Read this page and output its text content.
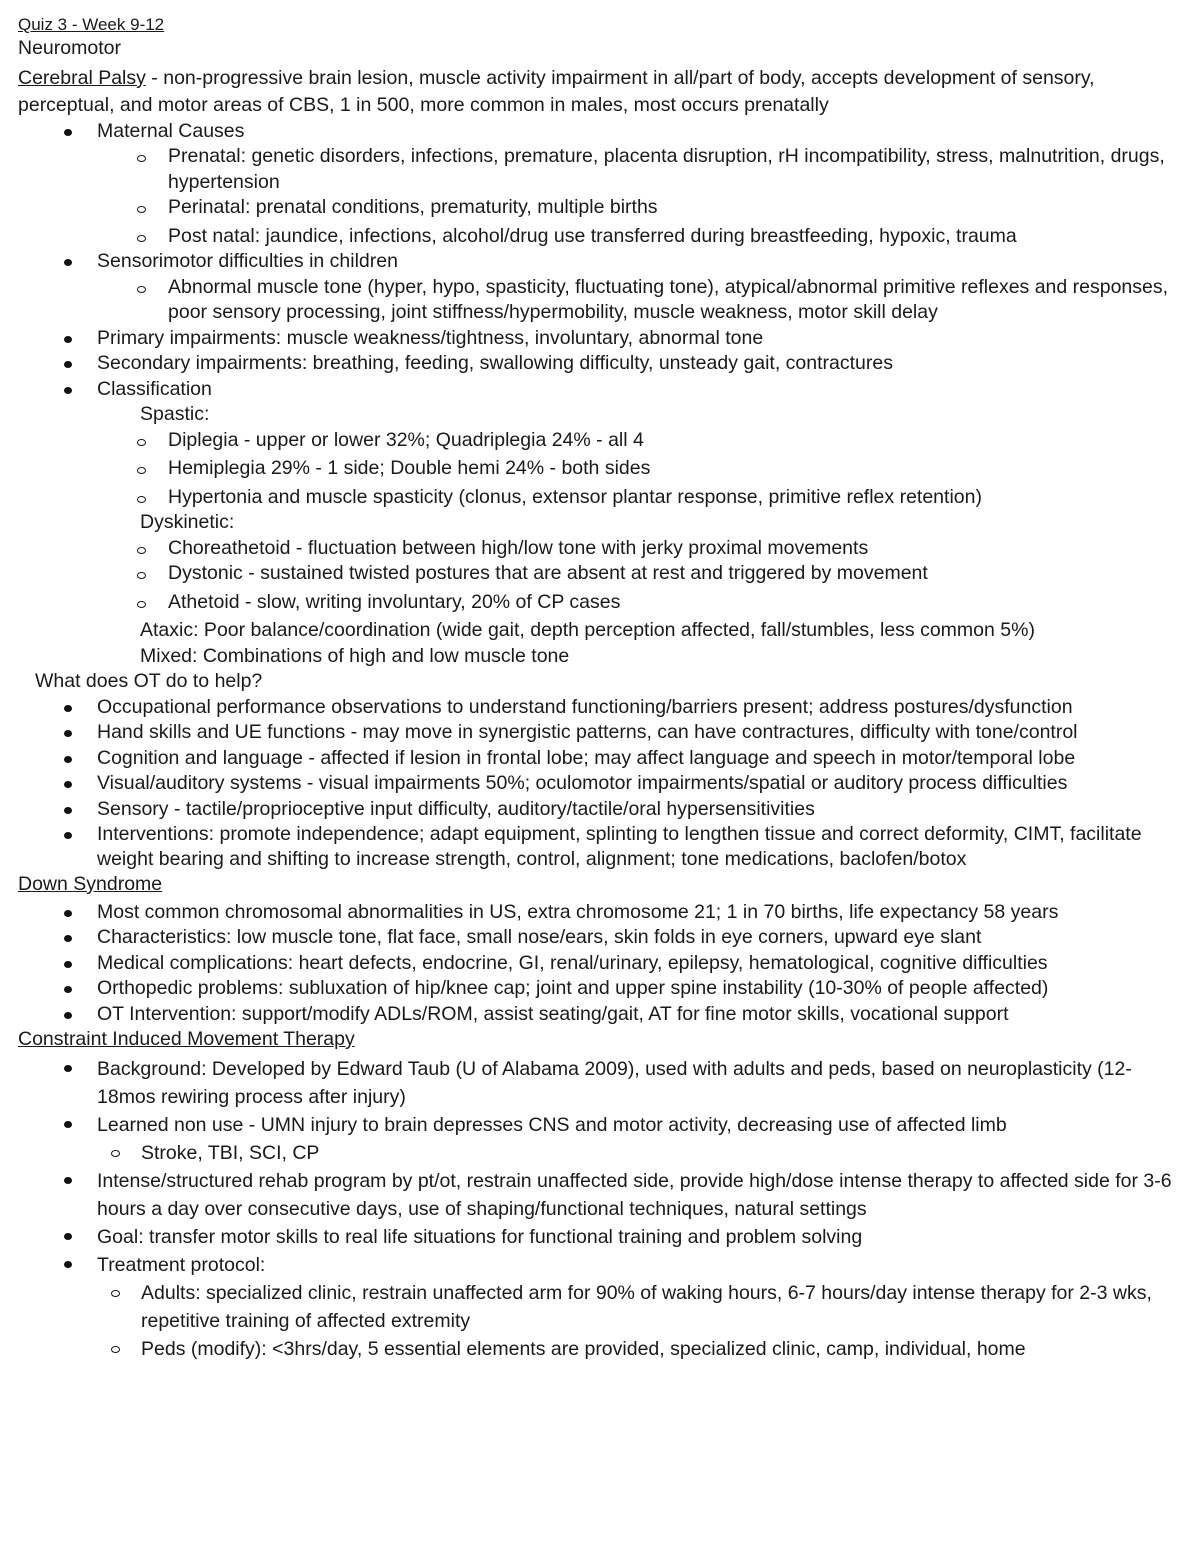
Quiz 3 - Week 9-12
Neuromotor
Cerebral Palsy - non-progressive brain lesion, muscle activity impairment in all/part of body, accepts development of sensory, perceptual, and motor areas of CBS, 1 in 500, more common in males, most occurs prenatally
Maternal Causes
Prenatal: genetic disorders, infections, premature, placenta disruption, rH incompatibility, stress, malnutrition, drugs, hypertension
Perinatal: prenatal conditions, prematurity, multiple births
Post natal: jaundice, infections, alcohol/drug use transferred during breastfeeding, hypoxic, trauma
Sensorimotor difficulties in children
Abnormal muscle tone (hyper, hypo, spasticity, fluctuating tone), atypical/abnormal primitive reflexes and responses, poor sensory processing, joint stiffness/hypermobility, muscle weakness, motor skill delay
Primary impairments: muscle weakness/tightness, involuntary, abnormal tone
Secondary impairments: breathing, feeding, swallowing difficulty, unsteady gait, contractures
Classification
Spastic:
Diplegia - upper or lower 32%; Quadriplegia 24% - all 4
Hemiplegia 29% - 1 side; Double hemi 24% - both sides
Hypertonia and muscle spasticity (clonus, extensor plantar response, primitive reflex retention)
Dyskinetic:
Choreathetoid - fluctuation between high/low tone with jerky proximal movements
Dystonic - sustained twisted postures that are absent at rest and triggered by movement
Athetoid - slow, writing involuntary, 20% of CP cases
Ataxic: Poor balance/coordination (wide gait, depth perception affected, fall/stumbles, less common 5%)
Mixed: Combinations of high and low muscle tone
What does OT do to help?
Occupational performance observations to understand functioning/barriers present; address postures/dysfunction
Hand skills and UE functions - may move in synergistic patterns, can have contractures, difficulty with tone/control
Cognition and language - affected if lesion in frontal lobe; may affect language and speech in motor/temporal lobe
Visual/auditory systems - visual impairments 50%; oculomotor impairments/spatial or auditory process difficulties
Sensory - tactile/proprioceptive input difficulty, auditory/tactile/oral hypersensitivities
Interventions: promote independence; adapt equipment, splinting to lengthen tissue and correct deformity, CIMT, facilitate weight bearing and shifting to increase strength, control, alignment; tone medications, baclofen/botox
Down Syndrome
Most common chromosomal abnormalities in US, extra chromosome 21; 1 in 70 births, life expectancy 58 years
Characteristics: low muscle tone, flat face, small nose/ears, skin folds in eye corners, upward eye slant
Medical complications: heart defects, endocrine, GI, renal/urinary, epilepsy, hematological, cognitive difficulties
Orthopedic problems: subluxation of hip/knee cap; joint and upper spine instability (10-30% of people affected)
OT Intervention: support/modify ADLs/ROM, assist seating/gait, AT for fine motor skills, vocational support
Constraint Induced Movement Therapy
Background: Developed by Edward Taub (U of Alabama 2009), used with adults and peds, based on neuroplasticity (12-18mos rewiring process after injury)
Learned non use - UMN injury to brain depresses CNS and motor activity, decreasing use of affected limb
Stroke, TBI, SCI, CP
Intense/structured rehab program by pt/ot, restrain unaffected side, provide high/dose intense therapy to affected side for 3-6 hours a day over consecutive days, use of shaping/functional techniques, natural settings
Goal: transfer motor skills to real life situations for functional training and problem solving
Treatment protocol:
Adults: specialized clinic, restrain unaffected arm for 90% of waking hours, 6-7 hours/day intense therapy for 2-3 wks, repetitive training of affected extremity
Peds (modify): <3hrs/day, 5 essential elements are provided, specialized clinic, camp, individual, home
